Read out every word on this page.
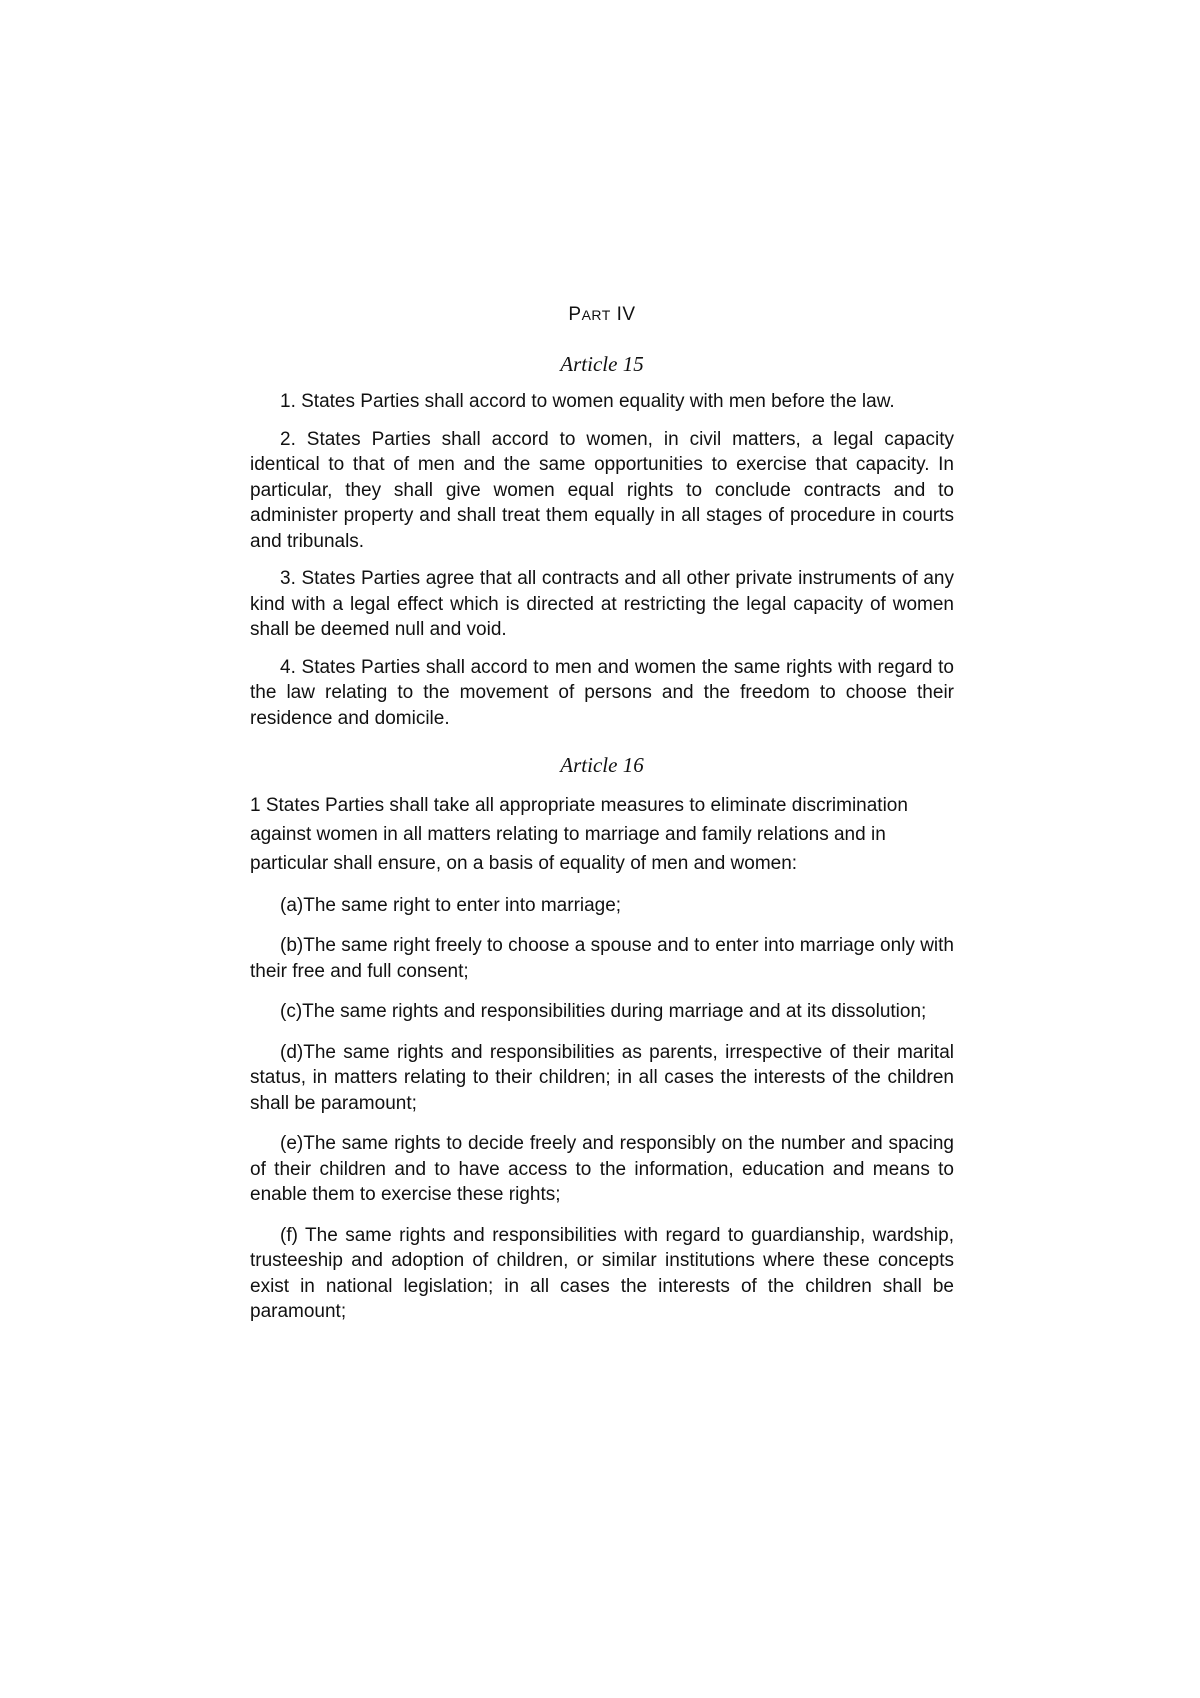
PART IV
Article 15

1. States Parties shall accord to women equality with men before the law.

2. States Parties shall accord to women, in civil matters, a legal capacity identical to that of men and the same opportunities to exercise that capacity. In particular, they shall give women equal rights to conclude contracts and to administer property and shall treat them equally in all stages of procedure in courts and tribunals.

3. States Parties agree that all contracts and all other private instruments of any kind with a legal effect which is directed at restricting the legal capacity of women shall be deemed null and void.

4. States Parties shall accord to men and women the same rights with regard to the law relating to the movement of persons and the freedom to choose their residence and domicile.

Article 16

1 States Parties shall take all appropriate measures to eliminate discrimination against women in all matters relating to marriage and family relations and in particular shall ensure, on a basis of equality of men and women:

(a)The same right to enter into marriage;

(b)The same right freely to choose a spouse and to enter into marriage only with their free and full consent;

(c)The same rights and responsibilities during marriage and at its dissolution;

(d)The same rights and responsibilities as parents, irrespective of their marital status, in matters relating to their children; in all cases the interests of the children shall be paramount;

(e)The same rights to decide freely and responsibly on the number and spacing of their children and to have access to the information, education and means to enable them to exercise these rights;

(f) The same rights and responsibilities with regard to guardianship, wardship, trusteeship and adoption of children, or similar institutions where these concepts exist in national legislation; in all cases the interests of the children shall be paramount;
